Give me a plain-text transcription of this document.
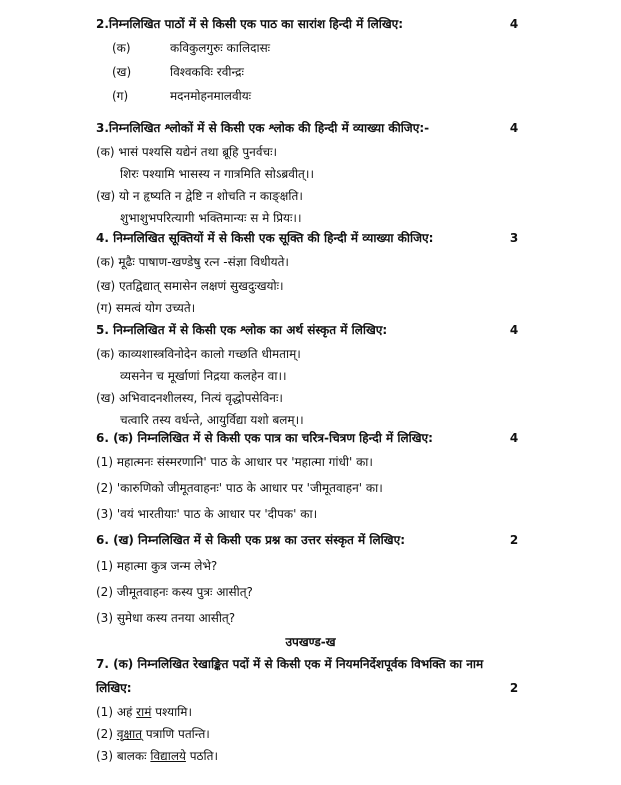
2.निम्नलिखित पाठों में से किसी एक पाठ का सारांश हिन्दी में लिखिए:	4
(क)	कविकुलगुरुः कालिदासः
(ख)	विश्वकविः रवीन्द्रः
(ग)	मदनमोहनमालवीयः
3.निम्नलिखित श्लोकों में से किसी एक श्लोक की हिन्दी में व्याख्या कीजिए:-	4
(क) भासं पश्यसि यद्येनं तथा ब्रूहि पुनर्वचः।
शिरः पश्यामि भासस्य न गात्रमिति सोऽब्रवीत्।।
(ख) यो न हृष्यति न द्वेष्टि न शोचति न काङ्क्षति।
शुभाशुभपरित्यागी भक्तिमान्यः स मे प्रियः।।
4. निम्नलिखित सूक्तियों में से किसी एक सूक्ति की हिन्दी में व्याख्या कीजिए:	3
(क) मूढैः पाषाण-खण्डेषु रत्न -संज्ञा विधीयते।
(ख) एतद्विद्यात् समासेन लक्षणं सुखदुःखयोः।
(ग) समत्वं योग उच्यते।
5. निम्नलिखित में से किसी एक श्लोक का अर्थ संस्कृत में लिखिए:	4
(क) काव्यशास्त्रविनोदेन कालो गच्छति धीमताम्।
व्यसनेन च मूर्खाणां निद्रया कलहेन वा।।
(ख) अभिवादनशीलस्य, नित्यं वृद्धोपसेविनः।
चत्वारि तस्य वर्धन्ते, आयुर्विद्या यशो बलम्।।
6. (क) निम्नलिखित में से किसी एक पात्र का चरित्र-चित्रण हिन्दी में लिखिए:	4
(1) महात्मनः संस्मरणानि' पाठ के आधार पर 'महात्मा गांधी' का।
(2) 'कारुणिको जीमूतवाहनः' पाठ के आधार पर 'जीमूतवाहन' का।
(3) 'वयं भारतीयाः' पाठ के आधार पर 'दीपक' का।
6. (ख) निम्नलिखित में से किसी एक प्रश्न का उत्तर संस्कृत में लिखिए:	2
(1) महात्मा कुत्र जन्म लेभे?
(2) जीमूतवाहनः कस्य पुत्रः आसीत्?
(3) सुमेधा कस्य तनया आसीत्?
उपखण्ड-ख
7. (क) निम्नलिखित रेखाङ्कित पदों में से किसी एक में नियमनिर्देशपूर्वक विभक्ति का नाम
लिखिए:	2
(1) अहं रामं पश्यामि।
(2) वृक्षात् पत्राणि पतन्ति।
(3) बालकः विद्यालये पठति।
